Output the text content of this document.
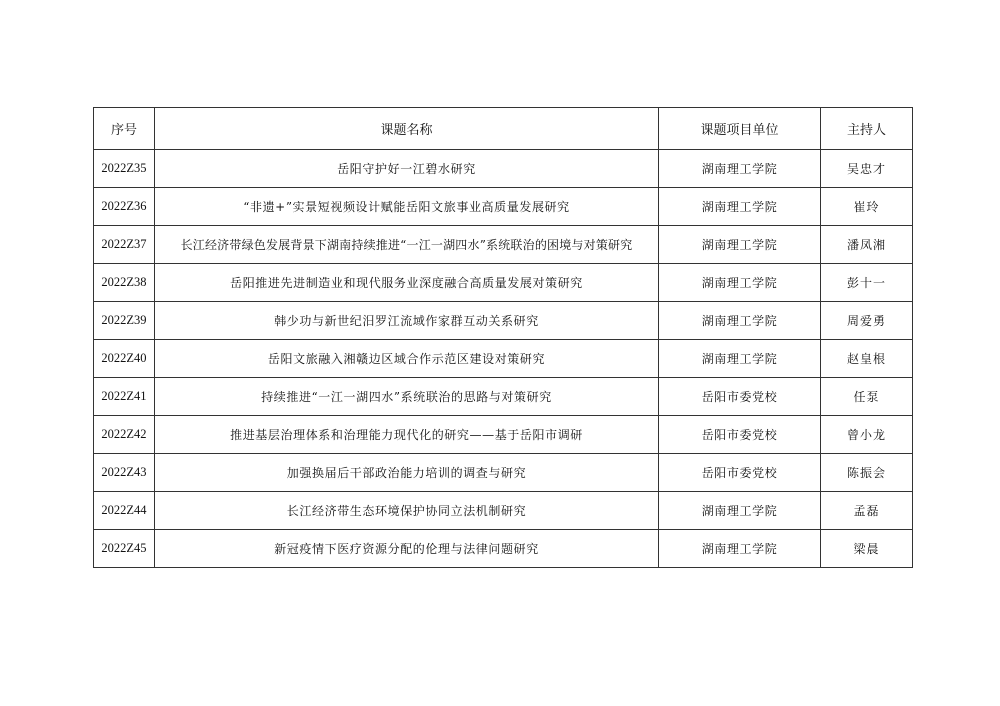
序号	课题名称	课题项目单位	主持人
2022Z35	岳阳守护好一江碧水研究	湖南理工学院	吴忠才
2022Z36	“非遗+”实景短视频设计赋能岳阳文旅事业高质量发展研究	湖南理工学院	崔玲
2022Z37	长江经济带绿色发展背景下湖南持续推进“一江一湖四水”系统联治的困境与对策研究	湖南理工学院	潘凤湘
2022Z38	岳阳推进先进制造业和现代服务业深度融合高质量发展对策研究	湖南理工学院	彭十一
2022Z39	韩少功与新世纪汨罗江流域作家群互动关系研究	湖南理工学院	周爱勇
2022Z40	岳阳文旅融入湘赣边区域合作示范区建设对策研究	湖南理工学院	赵皇根
2022Z41	持续推进“一江一湖四水”系统联治的思路与对策研究	岳阳市委党校	任泵
2022Z42	推进基层治理体系和治理能力现代化的研究——基于岳阳市调研	岳阳市委党校	曾小龙
2022Z43	加强换届后干部政治能力培训的调查与研究	岳阳市委党校	陈振会
2022Z44	长江经济带生态环境保护协同立法机制研究	湖南理工学院	孟磊
2022Z45	新冠疫情下医疗资源分配的伦理与法律问题研究	湖南理工学院	梁晨
